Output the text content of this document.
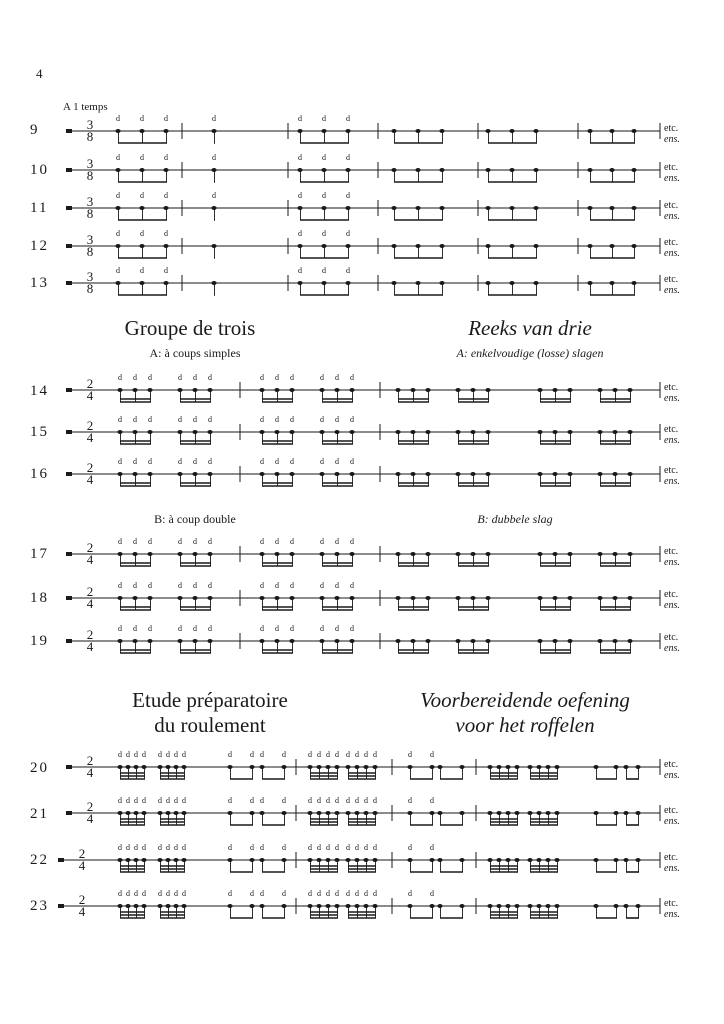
4
A 1 temps
Groupe de trois	Reeks van drie
A: à coups simples	A: enkelvoudige (losse) slagen
B: à coup double	B: dubbele slag
Etude préparatoire
du roulement
Voorbereidende oefening
voor het roffelen
9
10
11
12
13
14
15
16
17
18
19
20
21
22
23
etc.
ens.
etc.
ens.
etc.
ens.
etc.
ens.
etc.
ens.
etc.
ens.
etc.
ens.
etc.
ens.
etc.
ens.
etc.
ens.
etc.
ens.
etc.
ens.
etc.
ens.
etc.
ens.
etc.
ens.
3
8
d	d	d	d	d	d	d
3
8
d	d	d	d	d	d	d
3
8
d	d	d	d	d	d	d
3
8
d	d	d	d	d	d
3
8
d	d	d	d	d	d
2
4
d d d	d d d	d d d	d d d
2
4
d d d	d d d	d d d	d d d
2
4
d d d	d d d	d d d	d d d
2
4
d d d	d d d	d d d	d d d
2
4
d d d	d d d	d d d	d d d
2
4
d d d	d d d	d d d	d d d
2
4
d d d d d d d d	d d d d	d d d d d d d d	d d
2
4
d d d d d d d d	d d d d	d d d d d d d d	d d
2
4
d d d d d d d d	d d d d	d d d d d d d d	d d
2
4
d d d d d d d d	d d d d	d d d d d d d d	d d
